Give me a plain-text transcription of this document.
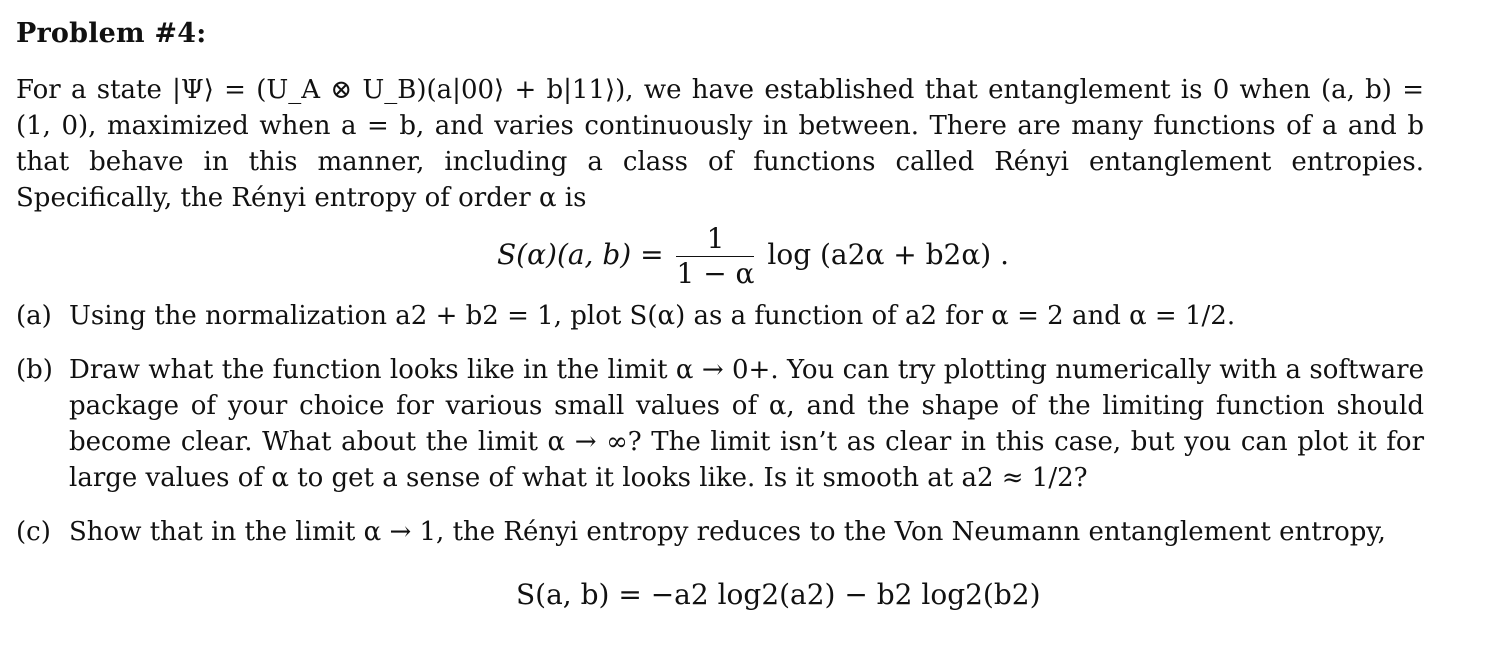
Problem #4:
For a state |Ψ⟩ = (U_A ⊗ U_B)(a|00⟩ + b|11⟩), we have established that entanglement is 0 when (a, b) = (1, 0), maximized when a = b, and varies continuously in between. There are many functions of a and b that behave in this manner, including a class of functions called Rényi entanglement entropies. Specifically, the Rényi entropy of order α is
S(α)(a, $b) = \frac{1}{1 - \alpha}$ log (a2α + b2α) .
(a) Using the normalization a2 + b2 = 1, plot S(α) as a function of a2 for α = 2 and α = 1/2.
(b) Draw what the function looks like in the limit α → 0+. You can try plotting numerically with a software package of your choice for various small values of α, and the shape of the limiting function should become clear. What about the limit α → ∞? The limit isn’t as clear in this case, but you can plot it for large values of α to get a sense of what it looks like. Is it smooth at a2 ≈ 1/2?
(c) Show that in the limit α → 1, the Rényi entropy reduces to the Von Neumann entanglement entropy,
S(a, b) = −a2 log2(a2) − b2 log2(b2)
